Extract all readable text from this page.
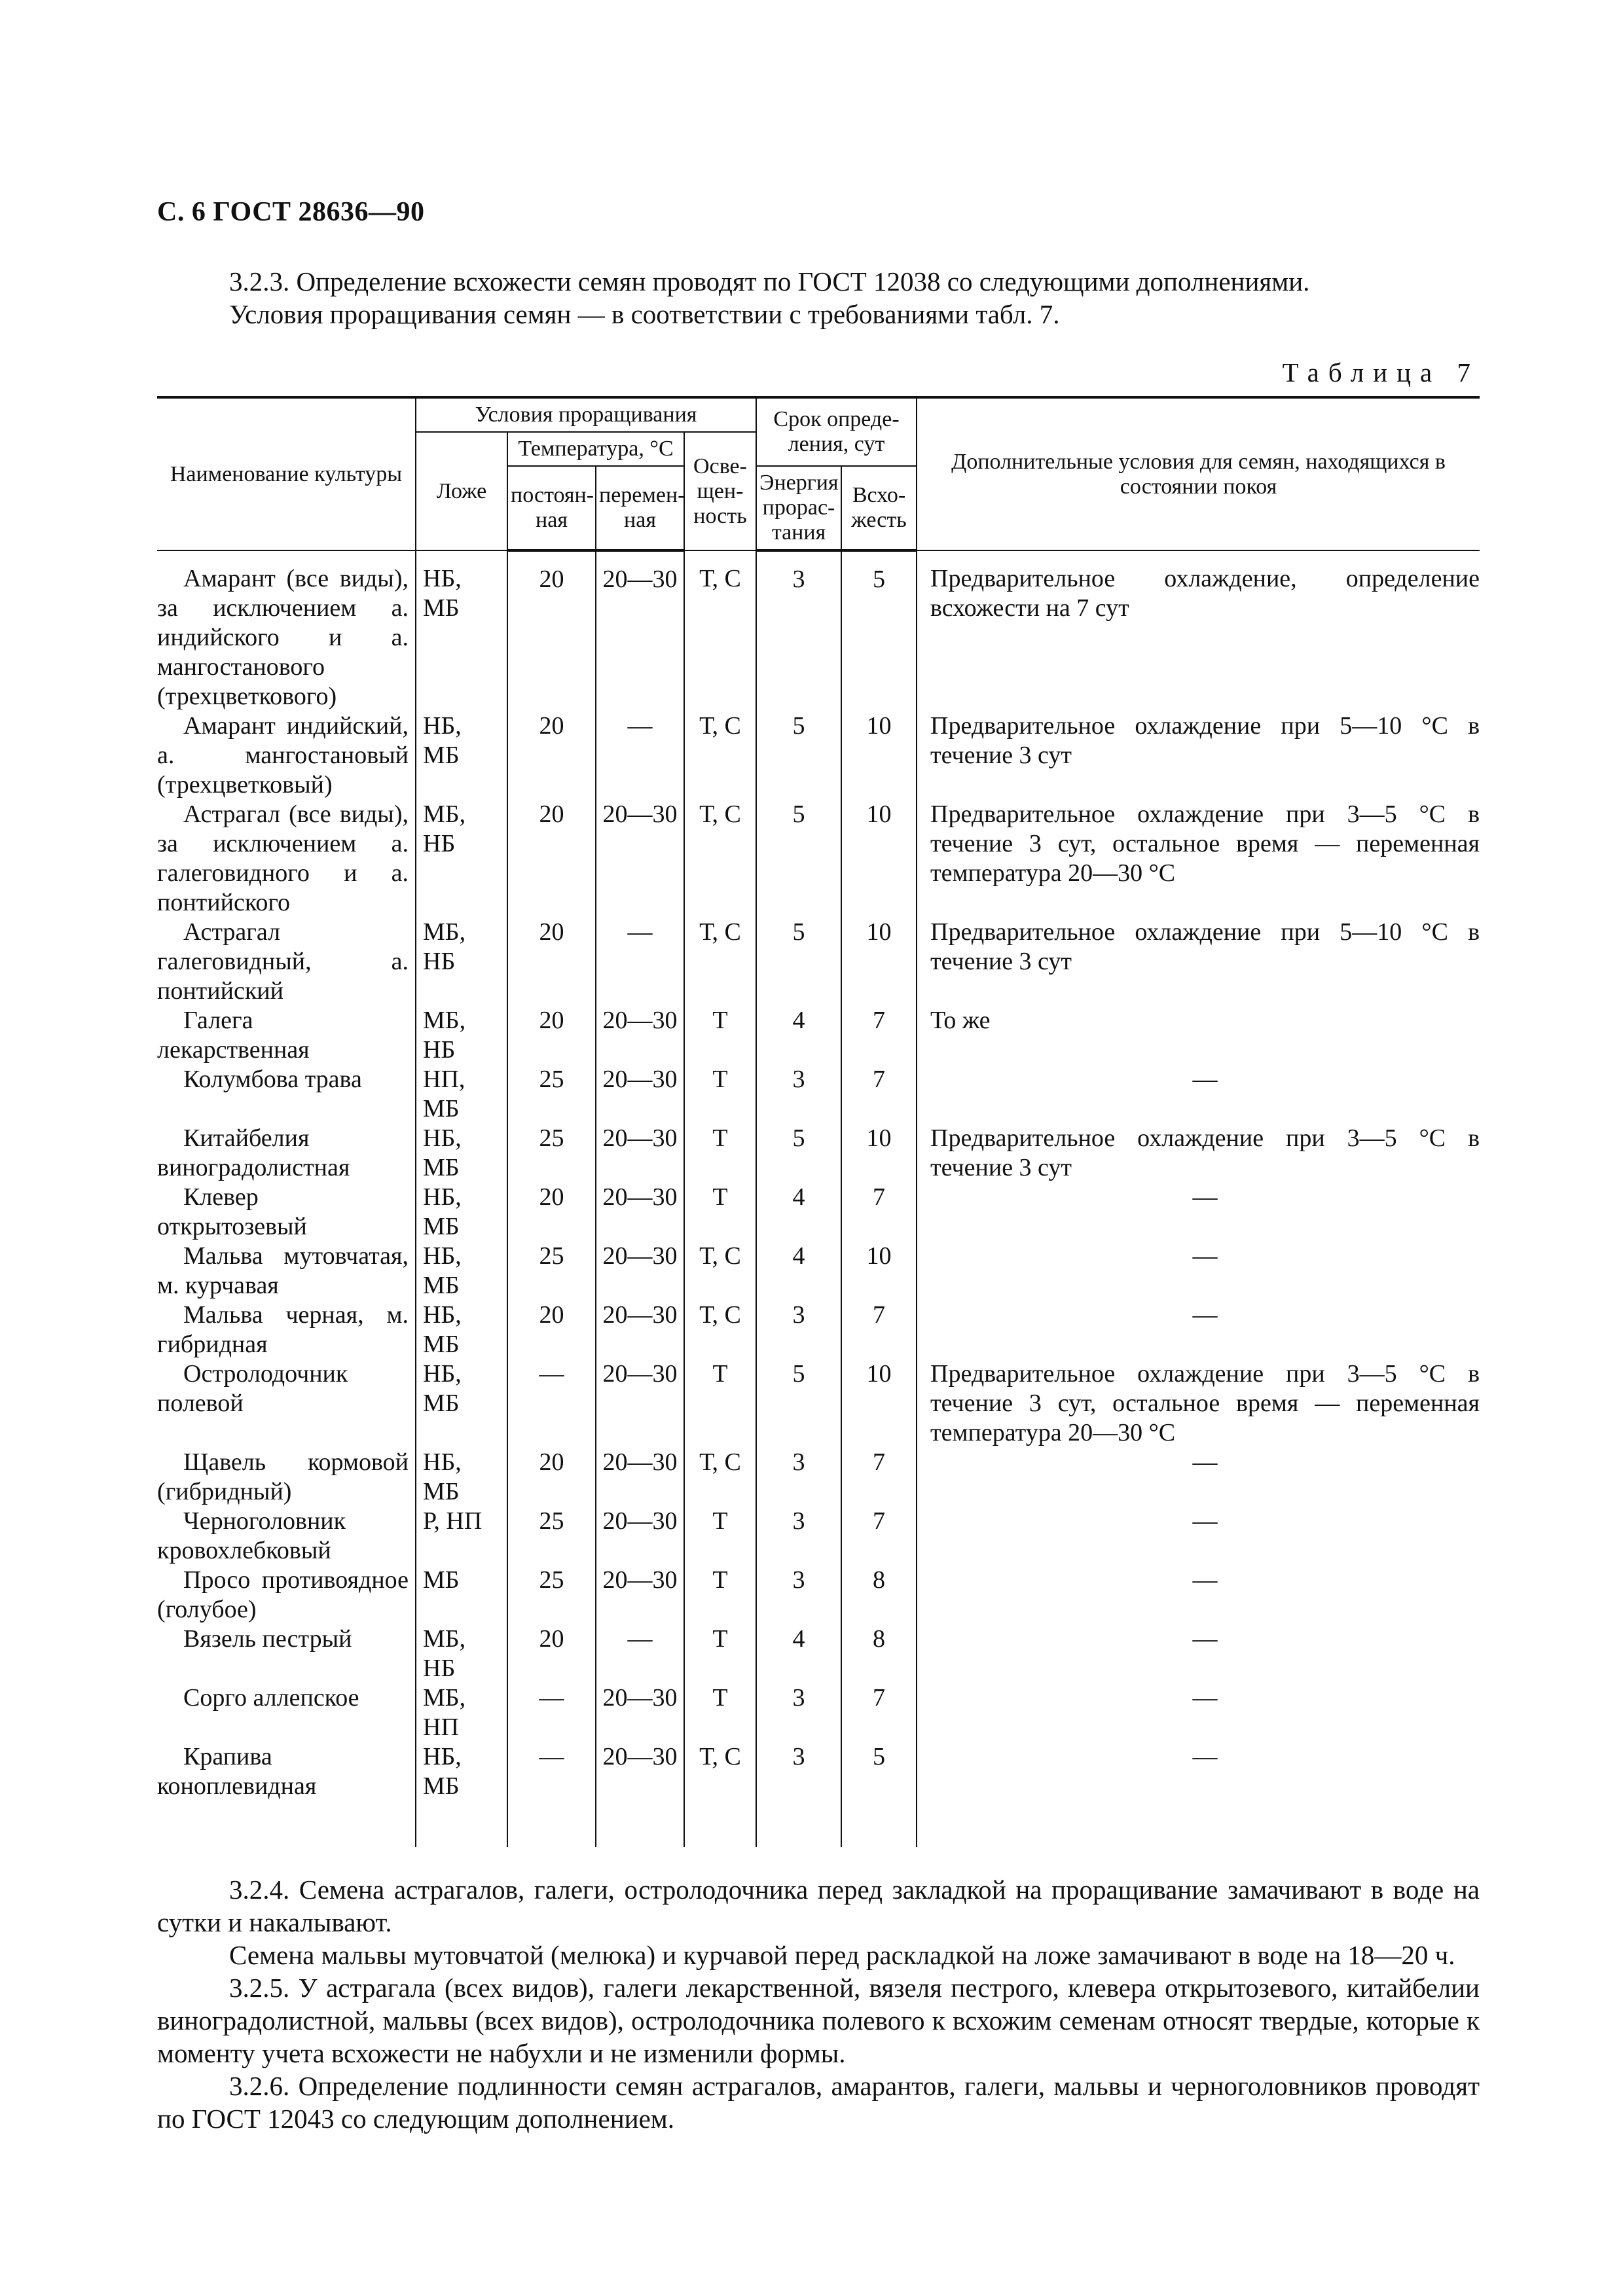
С. 6 ГОСТ 28636—90
3.2.3. Определение всхожести семян проводят по ГОСТ 12038 со следующими дополнениями.
Условия проращивания семян — в соответствии с требованиями табл. 7.
Таблица 7
Наименование культуры	Условия проращивания				Срок опреде- ления, сут		Дополнительные условия для семян, находящихся в состоянии покоя
	Ложе	Температура, °С		Осве- щен- ность			
		постоян- ная	перемен- ная		Энергия прорас- тания	Всхо- жесть	

Амарант (все виды), за исключением а. индийского и а. мангостанового (трехцветкового)	НБ, МБ	20	20—30	Т, С	3	5	Предварительное охлаждение, определение всхожести на 7 сут

Амарант индийский, а. мангостановый (трехцветковый)	НБ, МБ	20	—	Т, С	5	10	Предварительное охлаждение при 5—10 °С в течение 3 сут

Астрагал (все виды), за исключением а. галеговидного и а. понтийского	МБ, НБ	20	20—30	Т, С	5	10	Предварительное охлаждение при 3—5 °С в течение 3 сут, остальное время — переменная температура 20—30 °С

Астрагал галеговидный, а. понтийский	МБ, НБ	20	—	Т, С	5	10	Предварительное охлаждение при 5—10 °С в течение 3 сут

Галега лекарственная	МБ, НБ	20	20—30	Т	4	7	То же

Колумбова трава	НП, МБ	25	20—30	Т	3	7	—

Китайбелия виноградолистная	НБ, МБ	25	20—30	Т	5	10	Предварительное охлаждение при 3—5 °С в течение 3 сут

Клевер открытозевый	НБ, МБ	20	20—30	Т	4	7	—

Мальва мутовчатая, м. курчавая	НБ, МБ	25	20—30	Т, С	4	10	—

Мальва черная, м. гибридная	НБ, МБ	20	20—30	Т, С	3	7	—

Остролодочник полевой	НБ, МБ	—	20—30	Т	5	10	Предварительное охлаждение при 3—5 °С в течение 3 сут, остальное время — переменная температура 20—30 °С

Щавель кормовой (гибридный)	НБ, МБ	20	20—30	Т, С	3	7	—

Черноголовник кровохлебковый	Р, НП	25	20—30	Т	3	7	—

Просо противоядное (голубое)	МБ	25	20—30	Т	3	8	—

Вязель пестрый	МБ, НБ	20	—	Т	4	8	—

Сорго аллепское	МБ, НП	—	20—30	Т	3	7	—

Крапива коноплевидная	НБ, МБ	—	20—30	Т, С	3	5	—

3.2.4. Семена астрагалов, галеги, остролодочника перед закладкой на проращивание замачивают в воде на сутки и накалывают.
Семена мальвы мутовчатой (мелюка) и курчавой перед раскладкой на ложе замачивают в воде на 18—20 ч.
3.2.5. У астрагала (всех видов), галеги лекарственной, вязеля пестрого, клевера открытозевого, китайбелии виноградолистной, мальвы (всех видов), остролодочника полевого к всхожим семенам относят твердые, которые к моменту учета всхожести не набухли и не изменили формы.
3.2.6. Определение подлинности семян астрагалов, амарантов, галеги, мальвы и черноголовников проводят по ГОСТ 12043 со следующим дополнением.
